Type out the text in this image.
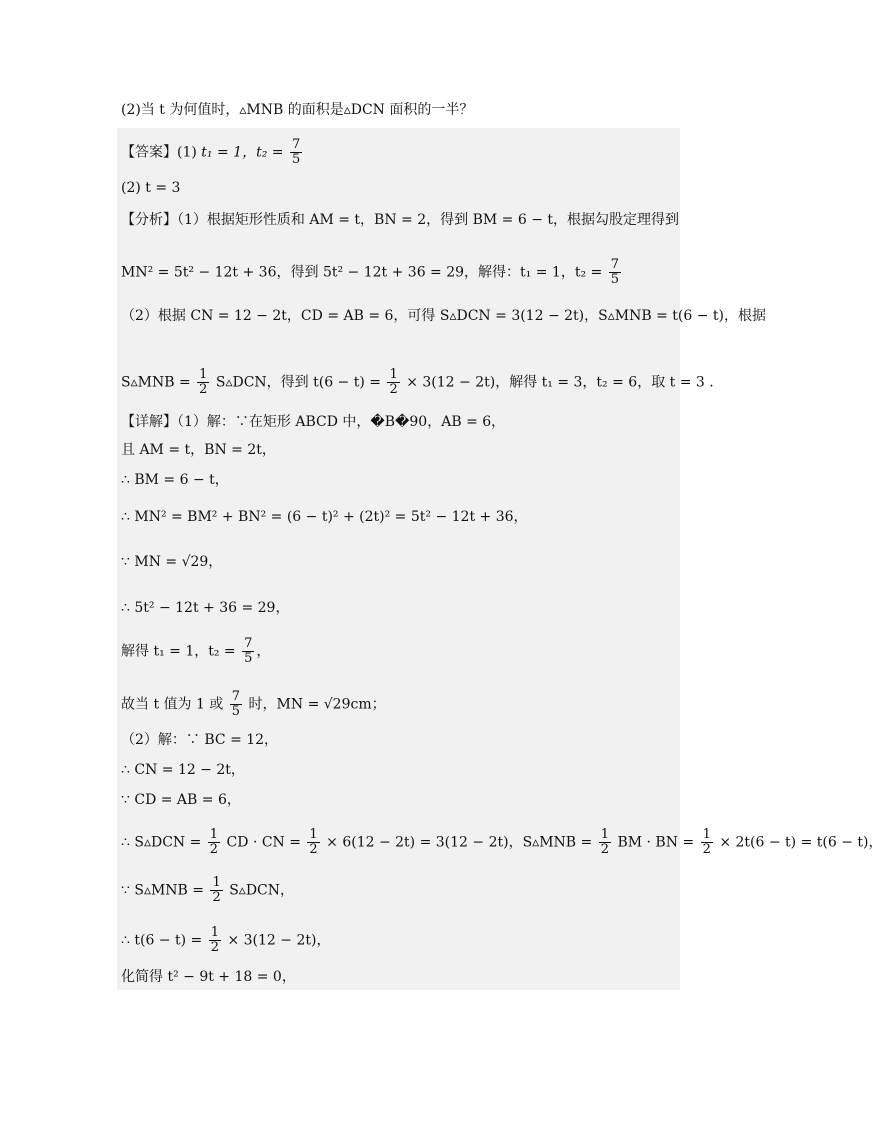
(2)当 t 为何值时，▵MNB 的面积是▵DCN 面积的一半？
【答案】(1) t₁ = 1，$t_2 = \frac{7}{5}$
(2) t = 3
【分析】（1）根据矩形性质和 AM = t，BN = 2，得到 BM = 6 − t，根据勾股定理得到
MN² = 5t² − 12t + 36，得到 5t² − 12t + 36 = 29，解得：t₁ = 1，$t_2 = \frac{7}{5}$
（2）根据 CN = 12 − 2t，CD = AB = 6，可得 S▵DCN = 3(12 − 2t)，S▵MNB = t(6 − t)，根据
S▵MNB = $\frac{1}{2}$ S▵DCN，得到 $t(6 - t) = \frac{1}{2} \times 3(12 - 2t)$，解得 t₁ = 3，t₂ = 6，取 t = 3 .
【详解】（1）解：∵在矩形 ABCD 中，�B�90，AB = 6，
且 AM = t，BN = 2t，
∴ BM = 6 − t，
∴ MN² = BM² + BN² = (6 − t)² + (2t)² = 5t² − 12t + 36，
∵ MN = √29，
∴ 5t² − 12t + 36 = 29，
解得 t₁ = 1，$t_2 = \frac{7}{5}$ ，
故当 t 值为 1 或 $\frac{7}{5}$ 时，MN = √29cm；
（2）解：∵ BC = 12，
∴ CN = 12 − 2t，
∵ CD = AB = 6，
∴ S▵DCN = $\frac{1}{2}$ CD · CN = $\frac{1}{2} \times 6(12 - 2t) = 3(12 - 2t)$，S▵MNB = $\frac{1}{2}$ BM · BN = $\frac{1}{2} \times 2t(6 - t) = t(6 - t)$，
∵ S▵MNB = $\frac{1}{2}$ S▵DCN，
∴ $t(6 - t) = \frac{1}{2} \times 3(12 - 2t)$，
化简得 t² − 9t + 18 = 0，
